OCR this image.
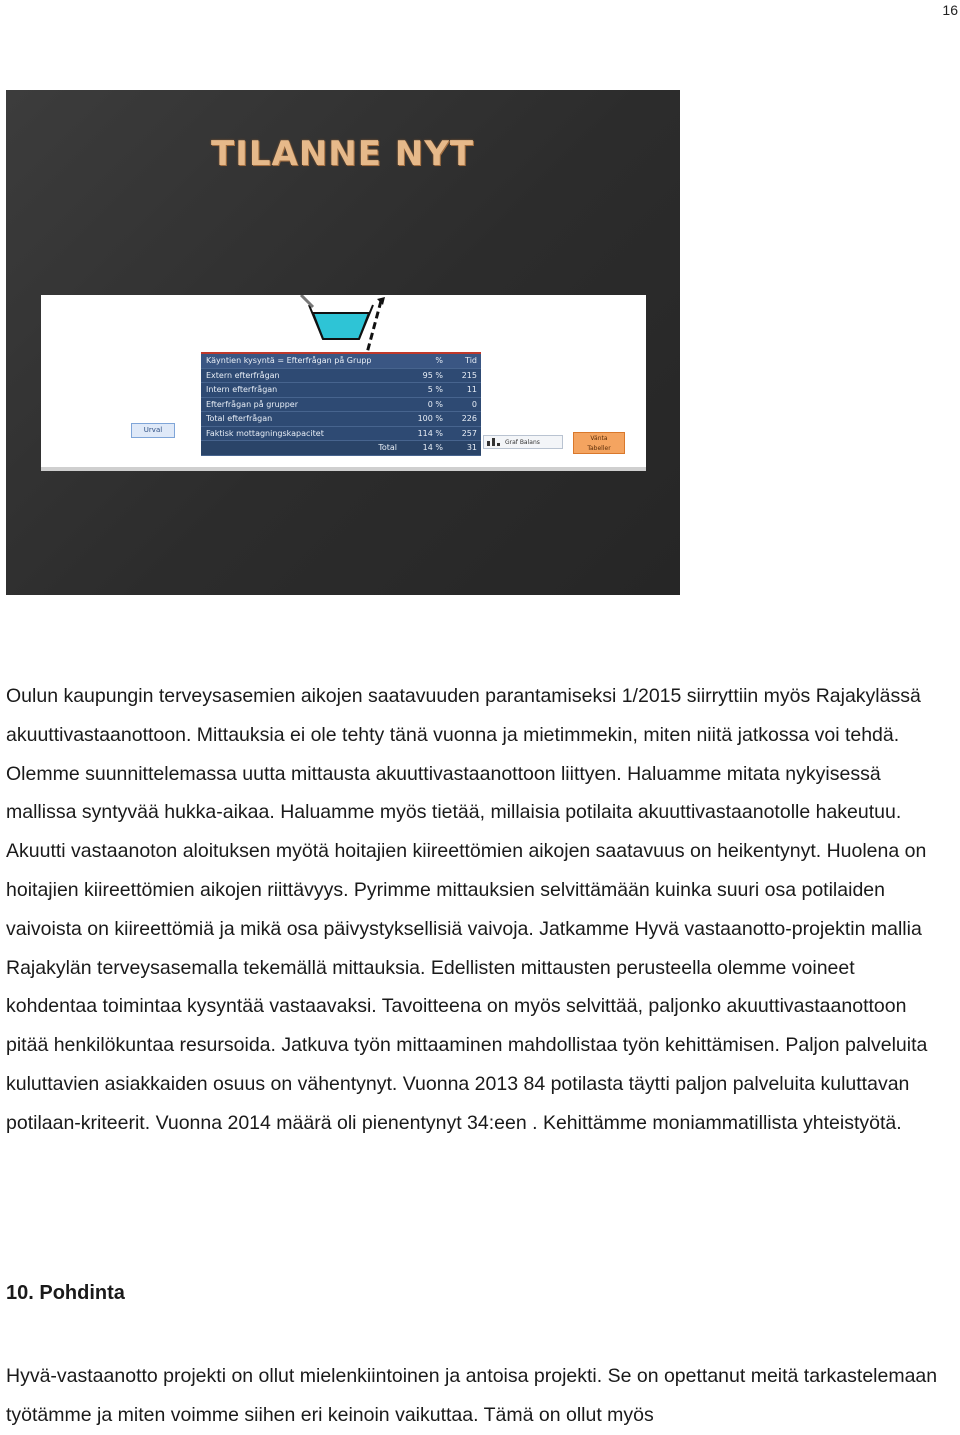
16
TILANNE NYT
Käyntien kysyntä = Efterfrågan på Grupp	%	Tid
Extern efterfrågan	95 %	215
Intern efterfrågan	5 %	11
Efterfrågan på grupper	0 %	0
Total efterfrågan	100 %	226
Faktisk mottagningskapacitet	114 %	257
Total	14 %	31
Urval
Graf Balans	Vänta
Tabeller

Oulun kaupungin terveysasemien aikojen saatavuuden parantamiseksi 1/2015 siirryttiin myös Rajakylässä akuuttivastaanottoon. Mittauksia ei ole tehty tänä vuonna ja mietimmekin, miten niitä jatkossa voi tehdä. Olemme suunnittelemassa uutta mittausta akuuttivastaanottoon liittyen. Haluamme mitata nykyisessä mallissa syntyvää hukka-aikaa. Haluamme myös tietää, millaisia potilaita akuuttivastaanotolle hakeutuu. Akuutti vastaanoton aloituksen myötä hoitajien kiireettömien aikojen saatavuus on heikentynyt. Huolena on hoitajien kiireettömien aikojen riittävyys. Pyrimme mittauksien selvittämään kuinka suuri osa potilaiden vaivoista on kiireettömiä ja mikä osa päivystyksellisiä vaivoja. Jatkamme Hyvä vastaanotto-projektin mallia Rajakylän terveysasemalla tekemällä mittauksia. Edellisten mittausten perusteella olemme voineet kohdentaa toimintaa kysyntää vastaavaksi. Tavoitteena on myös selvittää, paljonko akuuttivastaanottoon pitää henkilökuntaa resursoida. Jatkuva työn mittaaminen mahdollistaa työn kehittämisen. Paljon palveluita kuluttavien asiakkaiden osuus on vähentynyt. Vuonna 2013 84 potilasta täytti paljon palveluita kuluttavan potilaan-kriteerit. Vuonna 2014 määrä oli pienentynyt 34:een . Kehittämme moniammatillista yhteistyötä.

10. Pohdinta

Hyvä-vastaanotto projekti on ollut mielenkiintoinen ja antoisa projekti. Se on opettanut meitä tarkastelemaan työtämme ja miten voimme siihen eri keinoin vaikuttaa. Tämä on ollut myös
